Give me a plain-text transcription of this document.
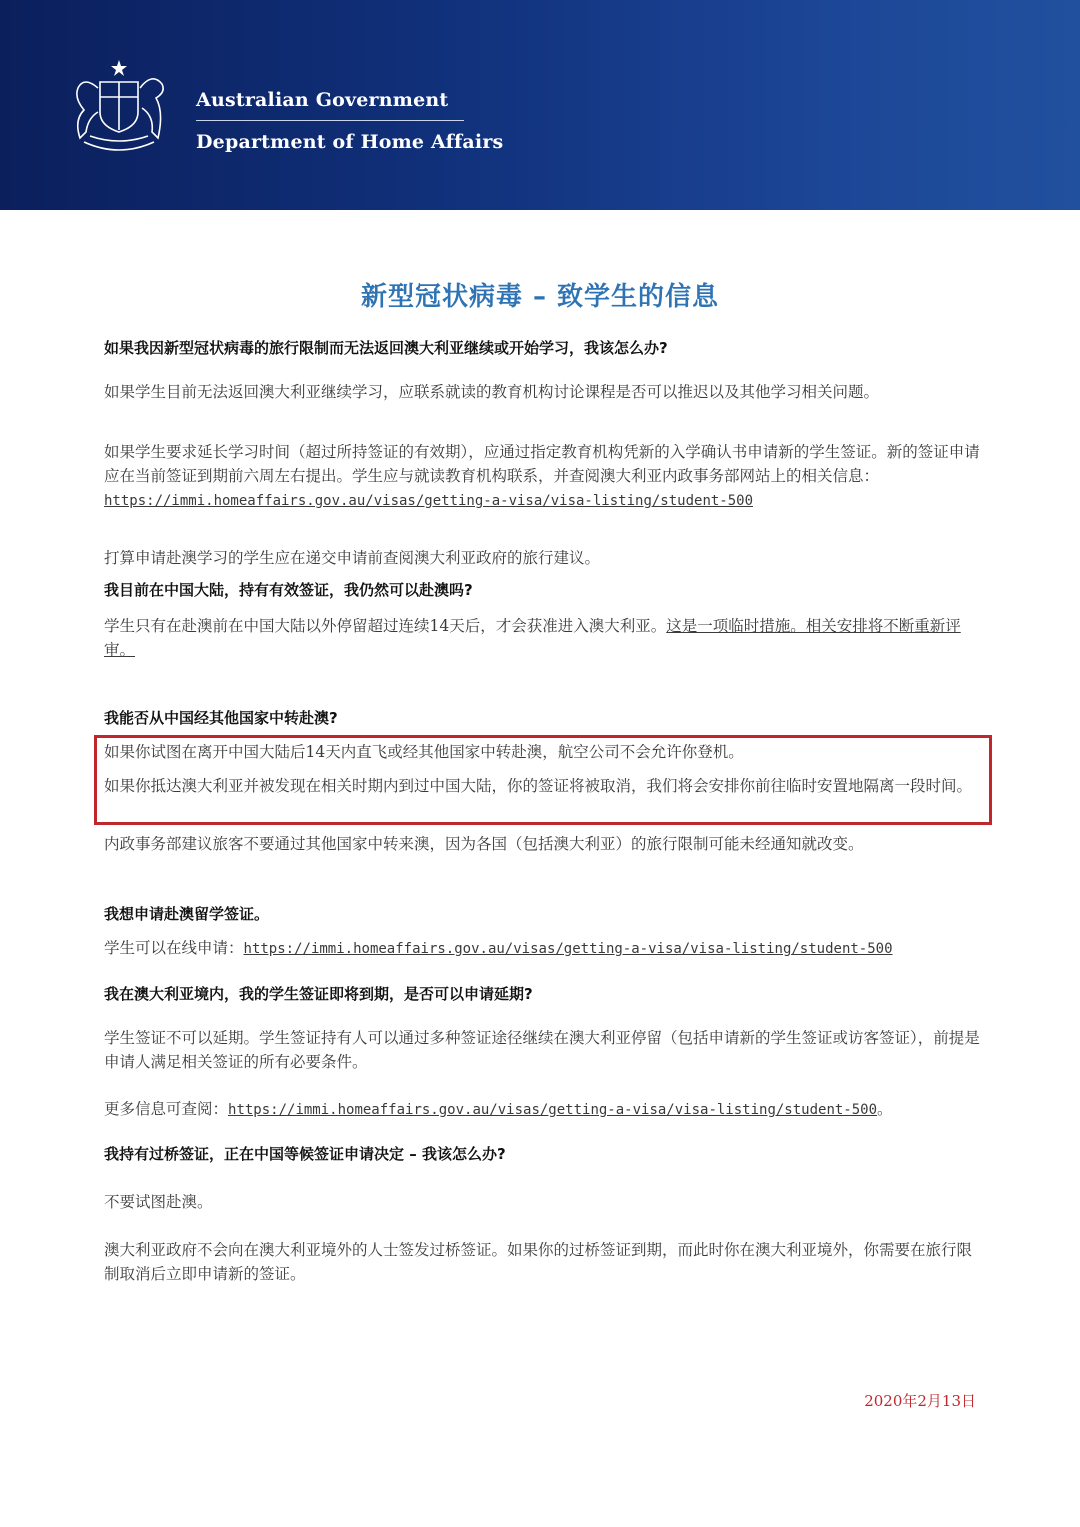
Australian Government
Department of Home Affairs
新型冠状病毒 – 致学生的信息
如果我因新型冠状病毒的旅行限制而无法返回澳大利亚继续或开始学习，我该怎么办?
如果学生目前无法返回澳大利亚继续学习，应联系就读的教育机构讨论课程是否可以推迟以及其他学习相关问题。
如果学生要求延长学习时间（超过所持签证的有效期），应通过指定教育机构凭新的入学确认书申请新的学生签证。新的签证申请应在当前签证到期前六周左右提出。学生应与就读教育机构联系，并查阅澳大利亚内政事务部网站上的相关信息：https://immi.homeaffairs.gov.au/visas/getting-a-visa/visa-listing/student-500
打算申请赴澳学习的学生应在递交申请前查阅澳大利亚政府的旅行建议。
我目前在中国大陆，持有有效签证，我仍然可以赴澳吗?
学生只有在赴澳前在中国大陆以外停留超过连续14天后，才会获准进入澳大利亚。这是一项临时措施。相关安排将不断重新评审。
我能否从中国经其他国家中转赴澳?
如果你试图在离开中国大陆后14天内直飞或经其他国家中转赴澳，航空公司不会允许你登机。
如果你抵达澳大利亚并被发现在相关时期内到过中国大陆，你的签证将被取消，我们将会安排你前往临时安置地隔离一段时间。
内政事务部建议旅客不要通过其他国家中转来澳，因为各国（包括澳大利亚）的旅行限制可能未经通知就改变。
我想申请赴澳留学签证。
学生可以在线申请：https://immi.homeaffairs.gov.au/visas/getting-a-visa/visa-listing/student-500
我在澳大利亚境内，我的学生签证即将到期，是否可以申请延期?
学生签证不可以延期。学生签证持有人可以通过多种签证途径继续在澳大利亚停留（包括申请新的学生签证或访客签证），前提是申请人满足相关签证的所有必要条件。
更多信息可查阅：https://immi.homeaffairs.gov.au/visas/getting-a-visa/visa-listing/student-500。
我持有过桥签证，正在中国等候签证申请决定 – 我该怎么办?
不要试图赴澳。
澳大利亚政府不会向在澳大利亚境外的人士签发过桥签证。如果你的过桥签证到期，而此时你在澳大利亚境外，你需要在旅行限制取消后立即申请新的签证。
2020年2月13日
